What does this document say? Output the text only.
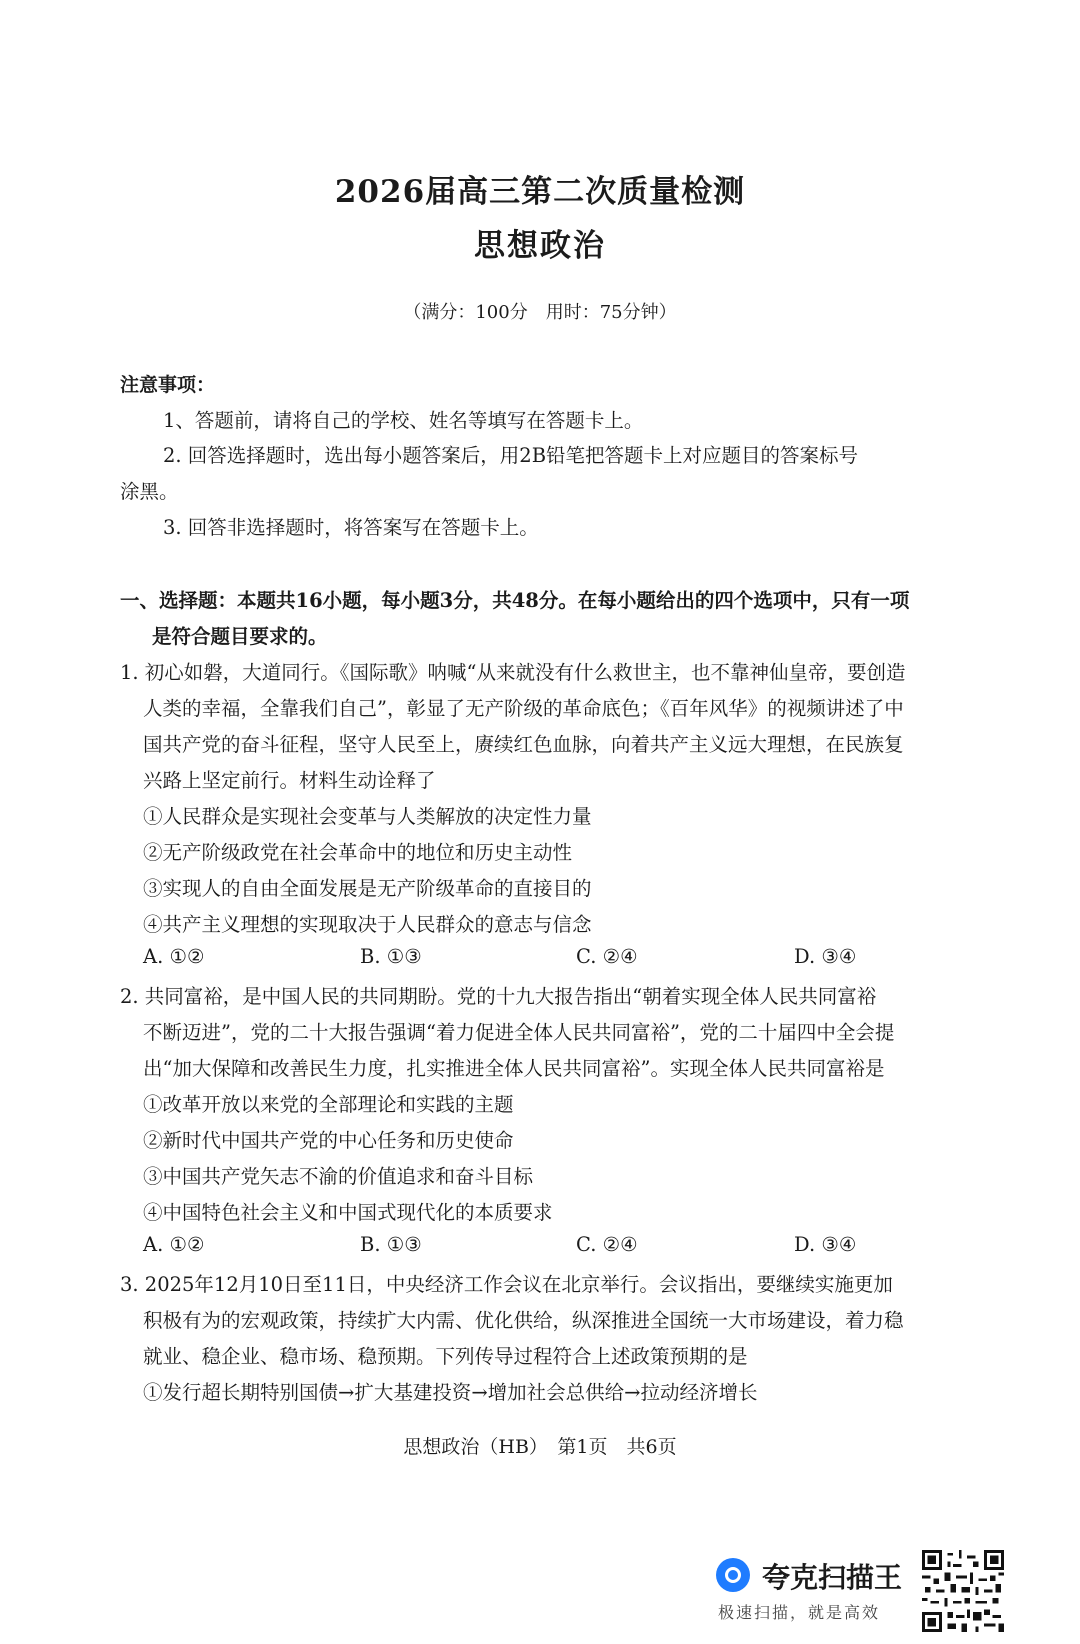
2026届高三第二次质量检测
思想政治
（满分：100分　用时：75分钟）
注意事项：
1、答题前，请将自己的学校、姓名等填写在答题卡上。
2. 回答选择题时，选出每小题答案后，用2B铅笔把答题卡上对应题目的答案标号
涂黑。
3. 回答非选择题时，将答案写在答题卡上。
一、选择题：本题共16小题，每小题3分，共48分。在每小题给出的四个选项中，只有一项
是符合题目要求的。
1. 初心如磐，大道同行。《国际歌》呐喊“从来就没有什么救世主，也不靠神仙皇帝，要创造
人类的幸福，全靠我们自己”，彰显了无产阶级的革命底色；《百年风华》的视频讲述了中
国共产党的奋斗征程，坚守人民至上，赓续红色血脉，向着共产主义远大理想，在民族复
兴路上坚定前行。材料生动诠释了
①人民群众是实现社会变革与人类解放的决定性力量
②无产阶级政党在社会革命中的地位和历史主动性
③实现人的自由全面发展是无产阶级革命的直接目的
④共产主义理想的实现取决于人民群众的意志与信念
A. ①②	B. ①③	C. ②④	D. ③④
2. 共同富裕，是中国人民的共同期盼。党的十九大报告指出“朝着实现全体人民共同富裕
不断迈进”，党的二十大报告强调“着力促进全体人民共同富裕”，党的二十届四中全会提
出“加大保障和改善民生力度，扎实推进全体人民共同富裕”。实现全体人民共同富裕是
①改革开放以来党的全部理论和实践的主题
②新时代中国共产党的中心任务和历史使命
③中国共产党矢志不渝的价值追求和奋斗目标
④中国特色社会主义和中国式现代化的本质要求
A. ①②	B. ①③	C. ②④	D. ③④
3. 2025年12月10日至11日，中央经济工作会议在北京举行。会议指出，要继续实施更加
积极有为的宏观政策，持续扩大内需、优化供给，纵深推进全国统一大市场建设，着力稳
就业、稳企业、稳市场、稳预期。下列传导过程符合上述政策预期的是
①发行超长期特别国债→扩大基建投资→增加社会总供给→拉动经济增长
思想政治（HB）　第1页　共6页
夸克扫描王
极速扫描，就是高效
